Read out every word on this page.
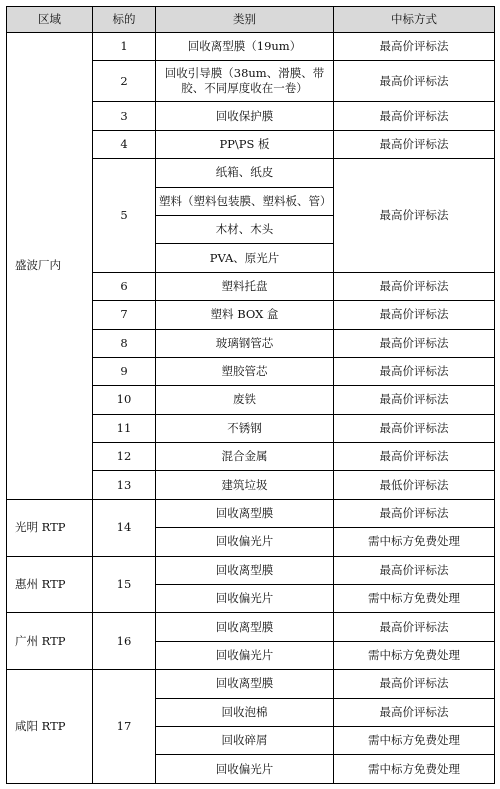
区域	标的	类别	中标方式
盛波厂内	1	回收离型膜（19um）	最高价评标法
	2	回收引导膜（38um、滑膜、带胶、不同厚度收在一卷）	最高价评标法
	3	回收保护膜	最高价评标法
	4	PP\PS 板	最高价评标法
	5	纸箱、纸皮	最高价评标法
		塑料（塑料包装膜、塑料板、管）	
		木材、木头	
		PVA、原光片	
	6	塑料托盘	最高价评标法
	7	塑料 BOX 盒	最高价评标法
	8	玻璃钢管芯	最高价评标法
	9	塑胶管芯	最高价评标法
	10	废铁	最高价评标法
	11	不锈钢	最高价评标法
	12	混合金属	最高价评标法
	13	建筑垃圾	最低价评标法
光明 RTP	14	回收离型膜	最高价评标法
		回收偏光片	需中标方免费处理
惠州 RTP	15	回收离型膜	最高价评标法
		回收偏光片	需中标方免费处理
广州 RTP	16	回收离型膜	最高价评标法
		回收偏光片	需中标方免费处理
咸阳 RTP	17	回收离型膜	最高价评标法
		回收泡棉	最高价评标法
		回收碎屑	需中标方免费处理
		回收偏光片	需中标方免费处理
